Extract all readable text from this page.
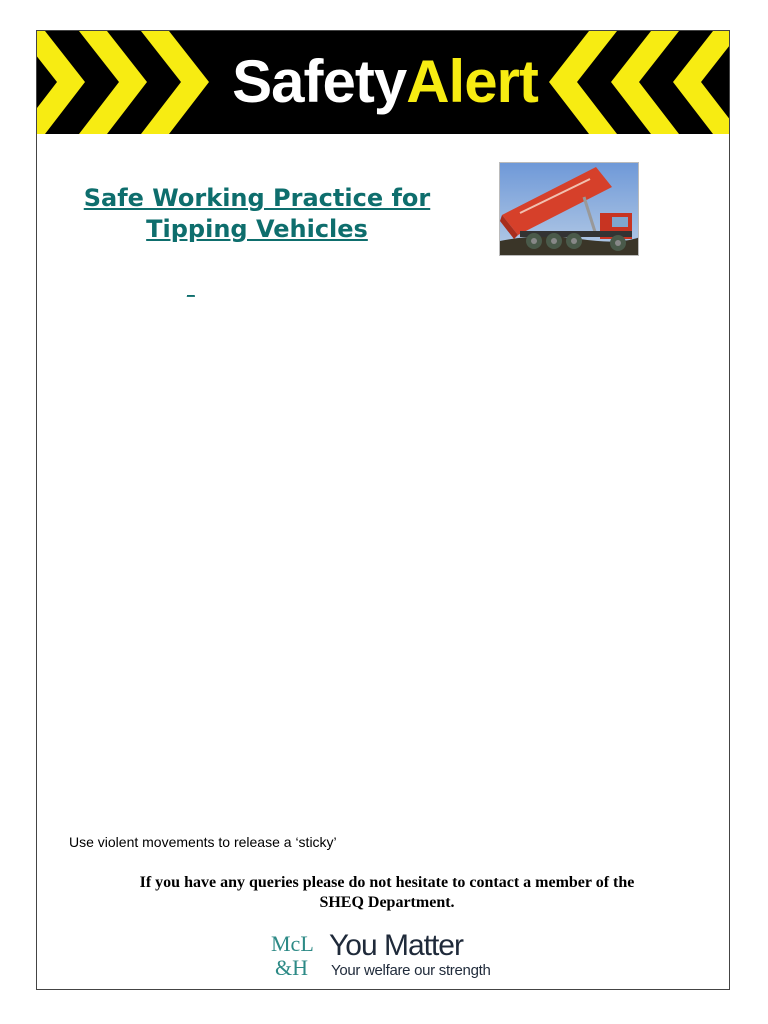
SafetyAlert
Safe Working Practice for
Tipping Vehicles
_
Use violent movements to release a ‘sticky’
If you have any queries please do not hesitate to contact a member of the
SHEQ Department.
McL
&H
You Matter
Your welfare our strength
